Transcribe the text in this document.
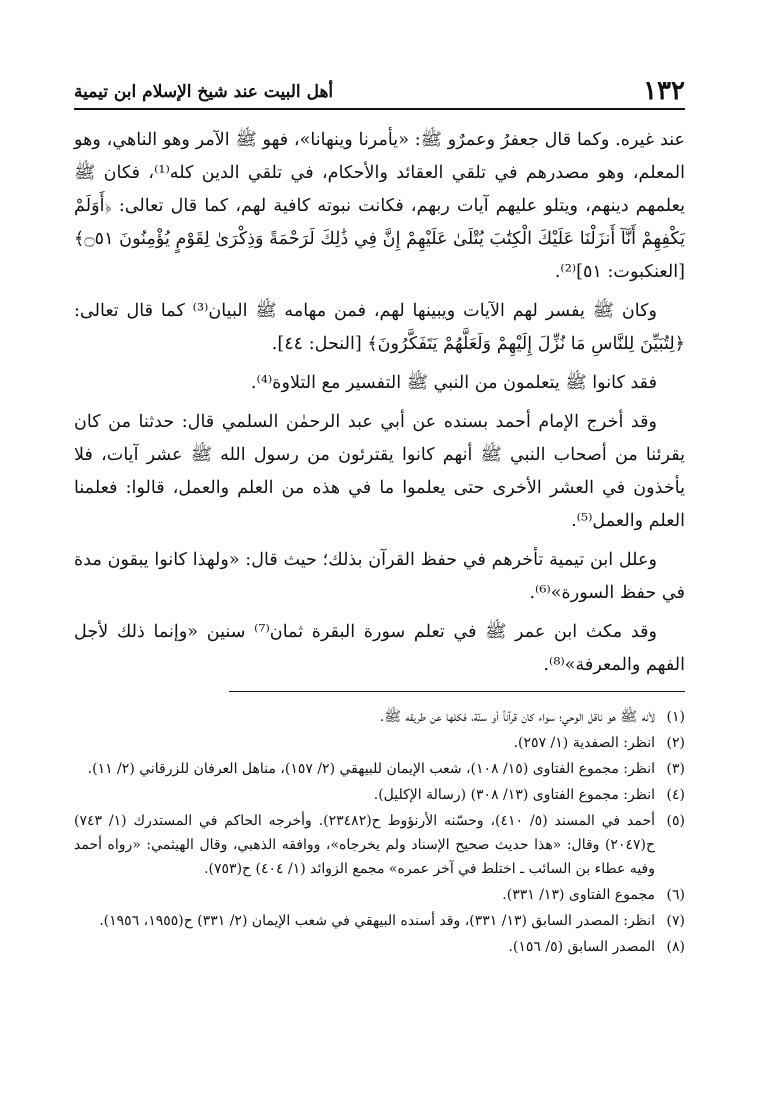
١٣٢
أهل البيت عند شيخ الإسلام ابن تيمية

عند غيره. وكما قال جعفرُ وعمرٌو ﷺ: «يأمرنا وينهانا»، فهو ﷺ الآمر وهو الناهي، وهو المعلم، وهو مصدرهم في تلقي العقائد والأحكام، في تلقي الدين كله⁽¹⁾، فكان ﷺ يعلمهم دينهم، ويتلو عليهم آيات ربهم، فكانت نبوته كافية لهم، كما قال تعالى: ﴿أَوَلَمْ يَكْفِهِمْ أَنَّآ أَنزَلْنَا عَلَيْكَ الْكِتَٰبَ يُتْلَىٰ عَلَيْهِمْ إِنَّ فِي ذَٰلِكَ لَرَحْمَةً وَذِكْرَىٰ لِقَوْمٍ يُؤْمِنُونَ ۝٥١﴾ [العنكبوت: ٥١]⁽²⁾.

وكان ﷺ يفسر لهم الآيات ويبينها لهم، فمن مهامه ﷺ البيان⁽³⁾ كما قال تعالى: ﴿لِتُبَيِّنَ لِلنَّاسِ مَا نُزِّلَ إِلَيْهِمْ وَلَعَلَّهُمْ يَتَفَكَّرُونَ﴾ [النحل: ٤٤].

فقد كانوا ﷺ يتعلمون من النبي ﷺ التفسير مع التلاوة⁽⁴⁾.

وقد أخرج الإمام أحمد بسنده عن أبي عبد الرحمٰن السلمي قال: حدثنا من كان يقرئنا من أصحاب النبي ﷺ أنهم كانوا يقترئون من رسول الله ﷺ عشر آيات، فلا يأخذون في العشر الأخرى حتى يعلموا ما في هذه من العلم والعمل، قالوا: فعلمنا العلم والعمل⁽⁵⁾.

وعلل ابن تيمية تأخرهم في حفظ القرآن بذلك؛ حيث قال: «ولهذا كانوا يبقون مدة في حفظ السورة»⁽⁶⁾.

وقد مكث ابن عمر ﷺ في تعلم سورة البقرة ثمان⁽⁷⁾ سنين «وإنما ذلك لأجل الفهم والمعرفة»⁽⁸⁾.

(١)
لأنه ﷺ هو ناقل الوحي؛ سواء كان قرآناً أو سنّة، فكلها عن طريقه ﷺ.
(٢)
انظر: الصفدية (١/ ٢٥٧).
(٣)
انظر: مجموع الفتاوى (١٥/ ١٠٨)، شعب الإيمان للبيهقي (٢/ ١٥٧)، مناهل العرفان للزرقاني (٢/ ١١).
(٤)
انظر: مجموع الفتاوى (١٣/ ٣٠٨) (رسالة الإكليل).
(٥)
أحمد في المسند (٥/ ٤١٠)، وحسّنه الأرنؤوط ح(٢٣٤٨٢). وأخرجه الحاكم في المستدرك (١/ ٧٤٣) ح(٢٠٤٧) وقال: «هذا حديث صحيح الإسناد ولم يخرجاه»، ووافقه الذهبي، وقال الهيثمي: «رواه أحمد وفيه عطاء بن السائب ـ اختلط في آخر عمره» مجمع الزوائد (١/ ٤٠٤) ح(٧٥٣).
(٦)
مجموع الفتاوى (١٣/ ٣٣١).
(٧)
انظر: المصدر السابق (١٣/ ٣٣١)، وقد أسنده البيهقي في شعب الإيمان (٢/ ٣٣١) ح(١٩٥٥، ١٩٥٦).
(٨)
المصدر السابق (٥/ ١٥٦).
